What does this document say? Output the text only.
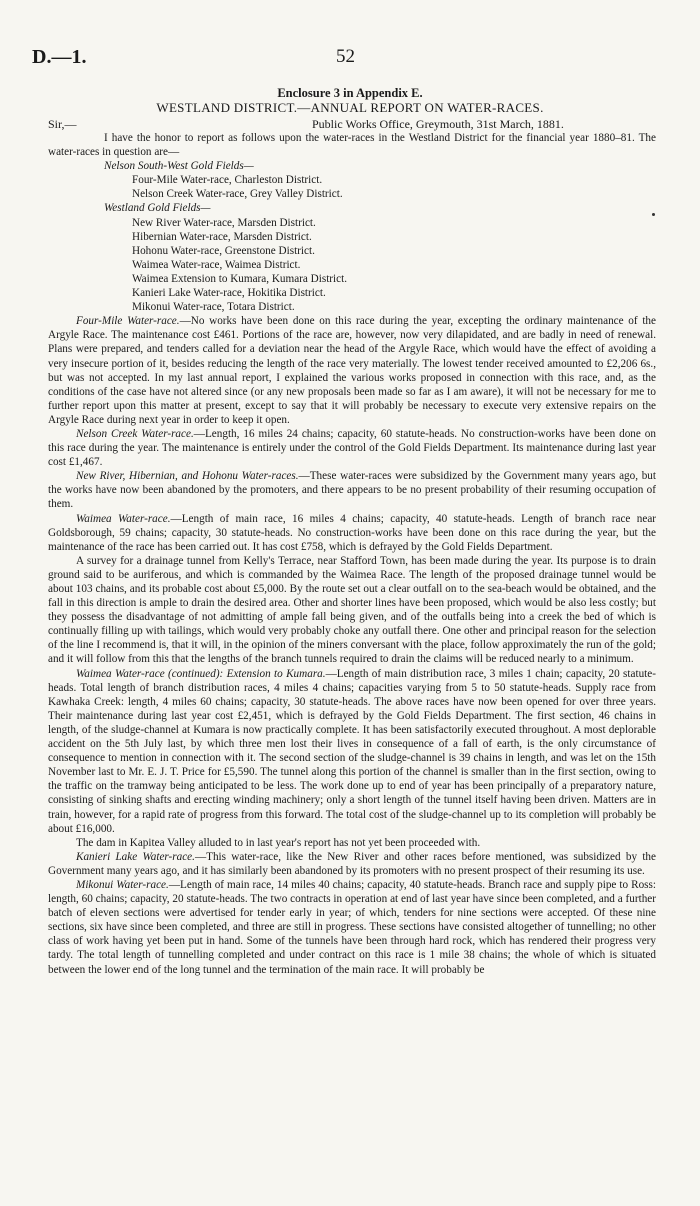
D.—1.	52
Enclosure 3 in Appendix E.
WESTLAND DISTRICT.—ANNUAL REPORT ON WATER-RACES.
Sir,—	Public Works Office, Greymouth, 31st March, 1881.

I have the honor to report as follows upon the water-races in the Westland District for the financial year 1880–81. The water-races in question are—

Nelson South-West Gold Fields—
Four-Mile Water-race, Charleston District.
Nelson Creek Water-race, Grey Valley District.
Westland Gold Fields—
New River Water-race, Marsden District.
Hibernian Water-race, Marsden District.
Hohonu Water-race, Greenstone District.
Waimea Water-race, Waimea District.
Waimea Extension to Kumara, Kumara District.
Kanieri Lake Water-race, Hokitika District.
Mikonui Water-race, Totara District.

Four-Mile Water-race.—No works have been done on this race during the year, excepting the ordinary maintenance of the Argyle Race. The maintenance cost £461. Portions of the race are, however, now very dilapidated, and are badly in need of renewal. Plans were prepared, and tenders called for a deviation near the head of the Argyle Race, which would have the effect of avoiding a very insecure portion of it, besides reducing the length of the race very materially. The lowest tender received amounted to £2,206 6s., but was not accepted. In my last annual report, I explained the various works proposed in connection with this race, and, as the conditions of the case have not altered since (or any new proposals been made so far as I am aware), it will not be necessary for me to further report upon this matter at present, except to say that it will probably be necessary to execute very extensive repairs on the Argyle Race during next year in order to keep it open.

Nelson Creek Water-race.—Length, 16 miles 24 chains; capacity, 60 statute-heads. No construction-works have been done on this race during the year. The maintenance is entirely under the control of the Gold Fields Department. Its maintenance during last year cost £1,467.

New River, Hibernian, and Hohonu Water-races.—These water-races were subsidized by the Government many years ago, but the works have now been abandoned by the promoters, and there appears to be no present probability of their resuming occupation of them.

Waimea Water-race.—Length of main race, 16 miles 4 chains; capacity, 40 statute-heads. Length of branch race near Goldsborough, 59 chains; capacity, 30 statute-heads. No construction-works have been done on this race during the year, but the maintenance of the race has been carried out. It has cost £758, which is defrayed by the Gold Fields Department.

A survey for a drainage tunnel from Kelly's Terrace, near Stafford Town, has been made during the year. Its purpose is to drain ground said to be auriferous, and which is commanded by the Waimea Race. The length of the proposed drainage tunnel would be about 103 chains, and its probable cost about £5,000. By the route set out a clear outfall on to the sea-beach would be obtained, and the fall in this direction is ample to drain the desired area. Other and shorter lines have been proposed, which would be also less costly; but they possess the disadvantage of not admitting of ample fall being given, and of the outfalls being into a creek the bed of which is continually filling up with tailings, which would very probably choke any outfall there. One other and principal reason for the selection of the line I recommend is, that it will, in the opinion of the miners conversant with the place, follow approximately the run of the gold; and it will follow from this that the lengths of the branch tunnels required to drain the claims will be reduced nearly to a minimum.

Waimea Water-race (continued): Extension to Kumara.—Length of main distribution race, 3 miles 1 chain; capacity, 20 statute-heads. Total length of branch distribution races, 4 miles 4 chains; capacities varying from 5 to 50 statute-heads. Supply race from Kawhaka Creek: length, 4 miles 60 chains; capacity, 30 statute-heads. The above races have now been opened for over three years. Their maintenance during last year cost £2,451, which is defrayed by the Gold Fields Department. The first section, 46 chains in length, of the sludge-channel at Kumara is now practically complete. It has been satisfactorily executed throughout. A most deplorable accident on the 5th July last, by which three men lost their lives in consequence of a fall of earth, is the only circumstance of consequence to mention in connection with it. The second section of the sludge-channel is 39 chains in length, and was let on the 15th November last to Mr. E. J. T. Price for £5,590. The tunnel along this portion of the channel is smaller than in the first section, owing to the traffic on the tramway being anticipated to be less. The work done up to end of year has been principally of a preparatory nature, consisting of sinking shafts and erecting winding machinery; only a short length of the tunnel itself having been driven. Matters are in train, however, for a rapid rate of progress from this forward. The total cost of the sludge-channel up to its completion will probably be about £16,000.

The dam in Kapitea Valley alluded to in last year's report has not yet been proceeded with.

Kanieri Lake Water-race.—This water-race, like the New River and other races before mentioned, was subsidized by the Government many years ago, and it has similarly been abandoned by its promoters with no present prospect of their resuming its use.

Mikonui Water-race.—Length of main race, 14 miles 40 chains; capacity, 40 statute-heads. Branch race and supply pipe to Ross: length, 60 chains; capacity, 20 statute-heads. The two contracts in operation at end of last year have since been completed, and a further batch of eleven sections were advertised for tender early in year; of which, tenders for nine sections were accepted. Of these nine sections, six have since been completed, and three are still in progress. These sections have consisted altogether of tunnelling; no other class of work having yet been put in hand. Some of the tunnels have been through hard rock, which has rendered their progress very tardy. The total length of tunnelling completed and under contract on this race is 1 mile 38 chains; the whole of which is situated between the lower end of the long tunnel and the termination of the main race. It will probably be
